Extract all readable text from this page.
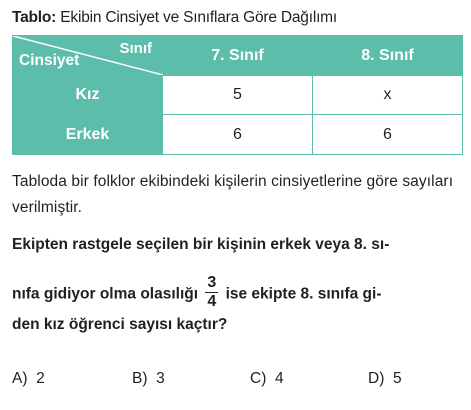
Tablo: Ekibin Cinsiyet ve Sınıflara Göre Dağılımı
Sınıf
Cinsiyet	7. Sınıf	8. Sınıf
Kız	5	x
Erkek	6	6
Tabloda bir folklor ekibindeki kişilerin cinsiyetlerine göre sayıları verilmiştir.
Ekipten rastgele seçilen bir kişinin erkek veya 8. sı-
nıfa gidiyor olma olasılığı $\frac{3}{4}$ ise ekipte 8. sınıfa gi-
den kız öğrenci sayısı kaçtır?
A) 2	B) 3	C) 4	D) 5
